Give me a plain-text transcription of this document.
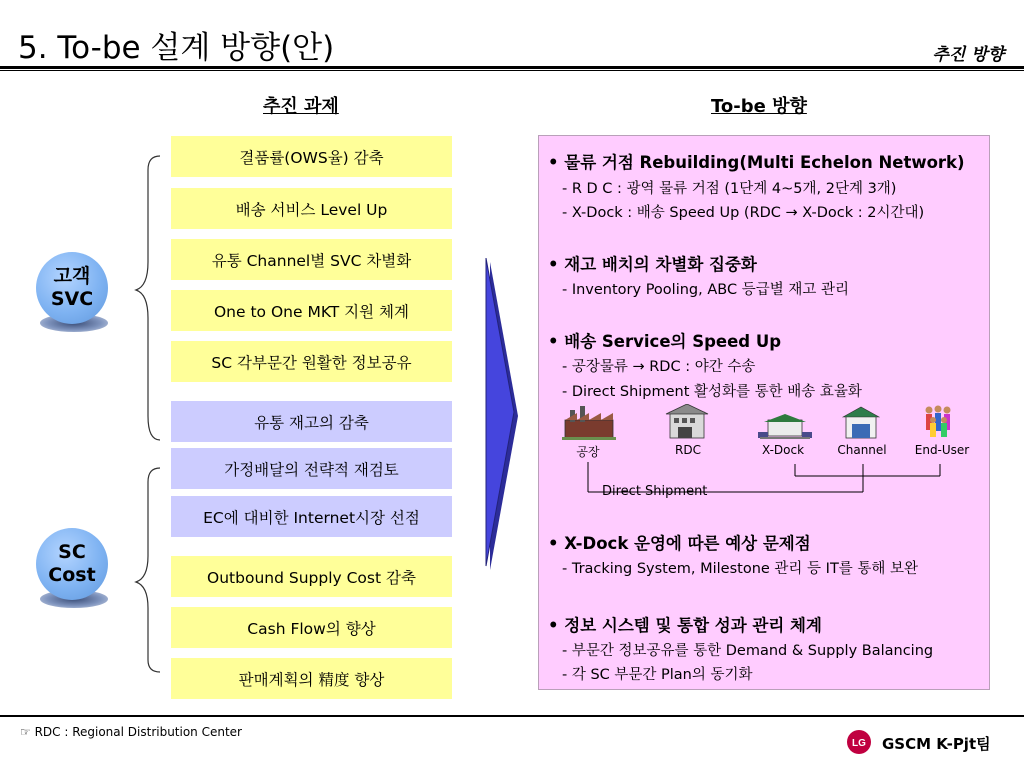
5. To-be 설계 방향(안)	추진 방향
추진 과제	To-be 방향
고객
SVC
SC
Cost
결품률(OWS율) 감축
배송 서비스 Level Up
유통 Channel별 SVC 차별화
One to One MKT 지원 체계
SC 각부문간 원활한 정보공유
유통 재고의 감축
가정배달의 전략적 재검토
EC에 대비한 Internet시장 선점
Outbound Supply Cost 감축
Cash Flow의 향상
판매계획의 精度 향상
• 물류 거점 Rebuilding(Multi Echelon Network)
- R D C : 광역 물류 거점 (1단계 4~5개, 2단계 3개)
- X-Dock : 배송 Speed Up (RDC → X-Dock : 2시간대)
• 재고 배치의 차별화 집중화
- Inventory Pooling, ABC 등급별 재고 관리
• 배송 Service의 Speed Up
- 공장물류 → RDC : 야간 수송
- Direct Shipment 활성화를 통한 배송 효율화
공장	RDC	X-Dock	Channel End-User
Direct Shipment
• X-Dock 운영에 따른 예상 문제점
- Tracking System, Milestone 관리 등 IT를 통해 보완
• 정보 시스템 및 통합 성과 관리 체계
- 부문간 정보공유를 통한 Demand & Supply Balancing
- 각 SC 부문간 Plan의 동기화
☞ RDC : Regional Distribution Center
LG GSCM K-Pjt팀
